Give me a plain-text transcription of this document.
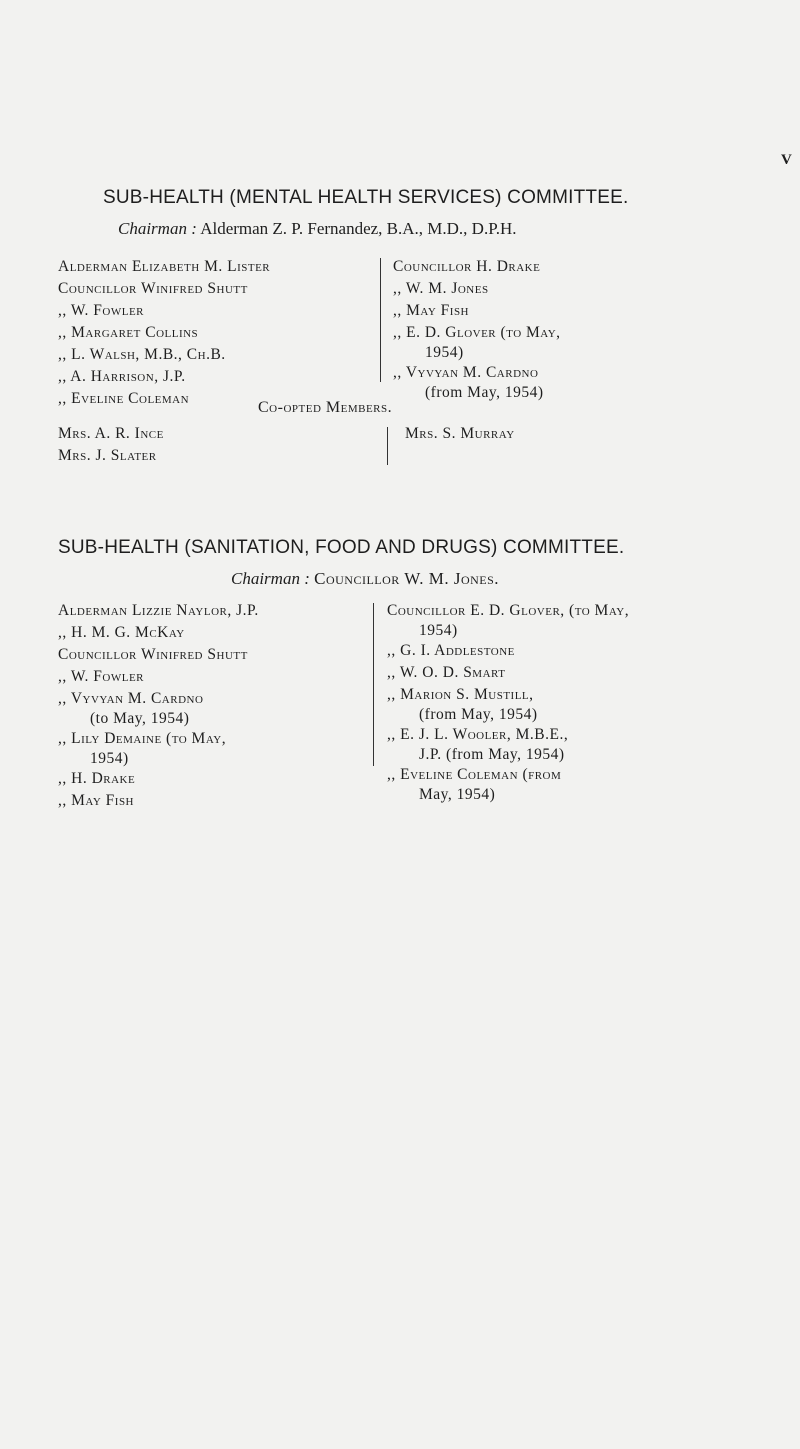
V
SUB-HEALTH (MENTAL HEALTH SERVICES) COMMITTEE.
Chairman : Alderman Z. P. Fernandez, B.A., M.D., D.P.H.
Alderman Elizabeth M. Lister
Councillor Winifred Shutt
,, W. Fowler
,, Margaret Collins
,, L. Walsh, M.B., Ch.B.
,, A. Harrison, J.P.
,, Eveline Coleman
Councillor H. Drake
,, W. M. Jones
,, May Fish
,, E. D. Glover (to May,
1954)
,, Vyvyan M. Cardno
(from May, 1954)
Co-opted Members.
Mrs. A. R. Ince
Mrs. J. Slater
Mrs. S. Murray
SUB-HEALTH (SANITATION, FOOD AND DRUGS) COMMITTEE.
Chairman : Councillor W. M. Jones.
Alderman Lizzie Naylor, J.P.
,, H. M. G. McKay
Councillor Winifred Shutt
,, W. Fowler
,, Vyvyan M. Cardno
(to May, 1954)
,, Lily Demaine (to May,
1954)
,, H. Drake
,, May Fish
Councillor E. D. Glover, (to May,
1954)
,, G. I. Addlestone
,, W. O. D. Smart
,, Marion S. Mustill,
(from May, 1954)
,, E. J. L. Wooler, M.B.E.,
J.P. (from May, 1954)
,, Eveline Coleman (from
May, 1954)
